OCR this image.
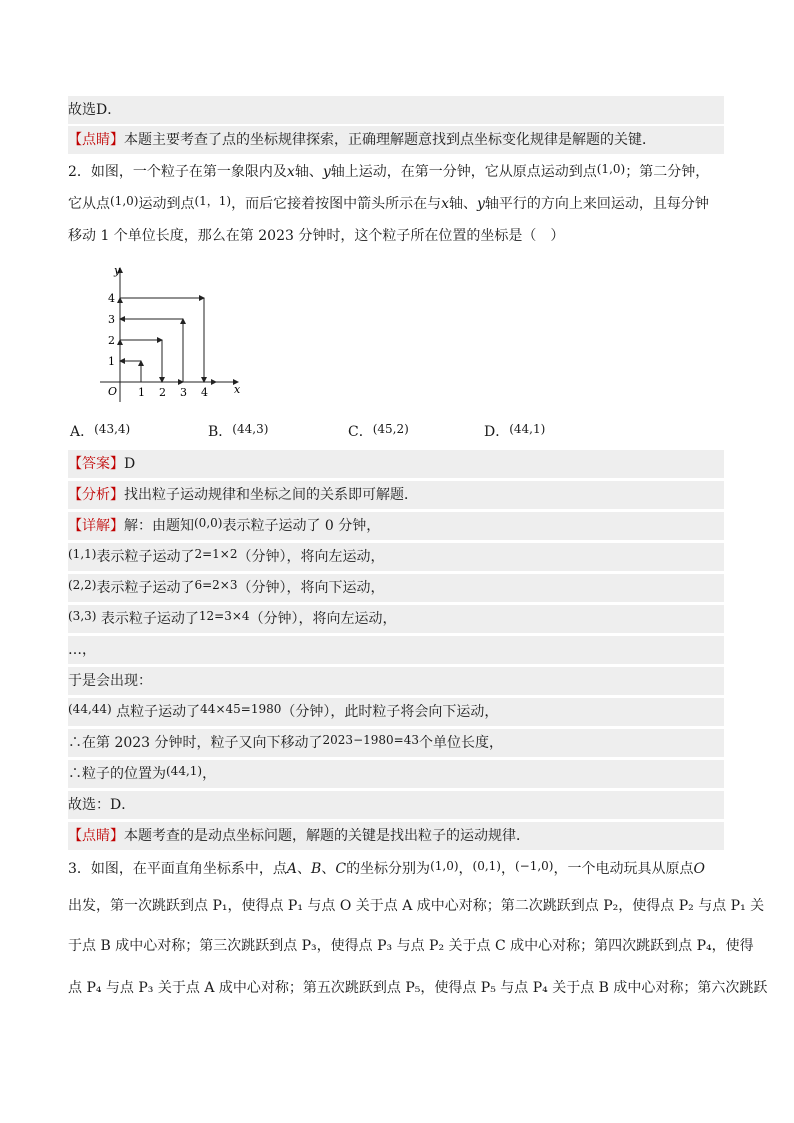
故选D．
【点睛】本题主要考查了点的坐标规律探索，正确理解题意找到点坐标变化规律是解题的关键．
2．如图，一个粒子在第一象限内及x轴、y轴上运动，在第一分钟，它从原点运动到点(1,0)；第二分钟，
它从点(1,0)运动到点(1，1)，而后它接着按图中箭头所示在与x轴、y轴平行的方向上来回运动，且每分钟
移动 1 个单位长度，那么在第 2023 分钟时，这个粒子所在位置的坐标是（　）
y
x
O 1 2 3 4
1
2
3
4
A．(43,4)	B．(44,3)	C．(45,2)	D．(44,1)
【答案】D
【分析】找出粒子运动规律和坐标之间的关系即可解题．
【详解】解：由题知(0,0)表示粒子运动了 0 分钟，
(1,1)表示粒子运动了2=1×2（分钟），将向左运动，
(2,2)表示粒子运动了6=2×3（分钟），将向下运动，
(3,3) 表示粒子运动了12=3×4（分钟），将向左运动，
…，
于是会出现：
(44,44) 点粒子运动了44×45=1980（分钟），此时粒子将会向下运动，
∴在第 2023 分钟时，粒子又向下移动了2023−1980=43个单位长度，
∴粒子的位置为(44,1)，
故选：D．
【点睛】本题考查的是动点坐标问题，解题的关键是找出粒子的运动规律．
3．如图，在平面直角坐标系中，点A、B、C的坐标分别为(1,0)，(0,1)，(−1,0)，一个电动玩具从原点O
出发，第一次跳跃到点 P₁，使得点 P₁ 与点 O 关于点 A 成中心对称；第二次跳跃到点 P₂，使得点 P₂ 与点 P₁ 关
于点 B 成中心对称；第三次跳跃到点 P₃，使得点 P₃ 与点 P₂ 关于点 C 成中心对称；第四次跳跃到点 P₄，使得
点 P₄ 与点 P₃ 关于点 A 成中心对称；第五次跳跃到点 P₅，使得点 P₅ 与点 P₄ 关于点 B 成中心对称；第六次跳跃
